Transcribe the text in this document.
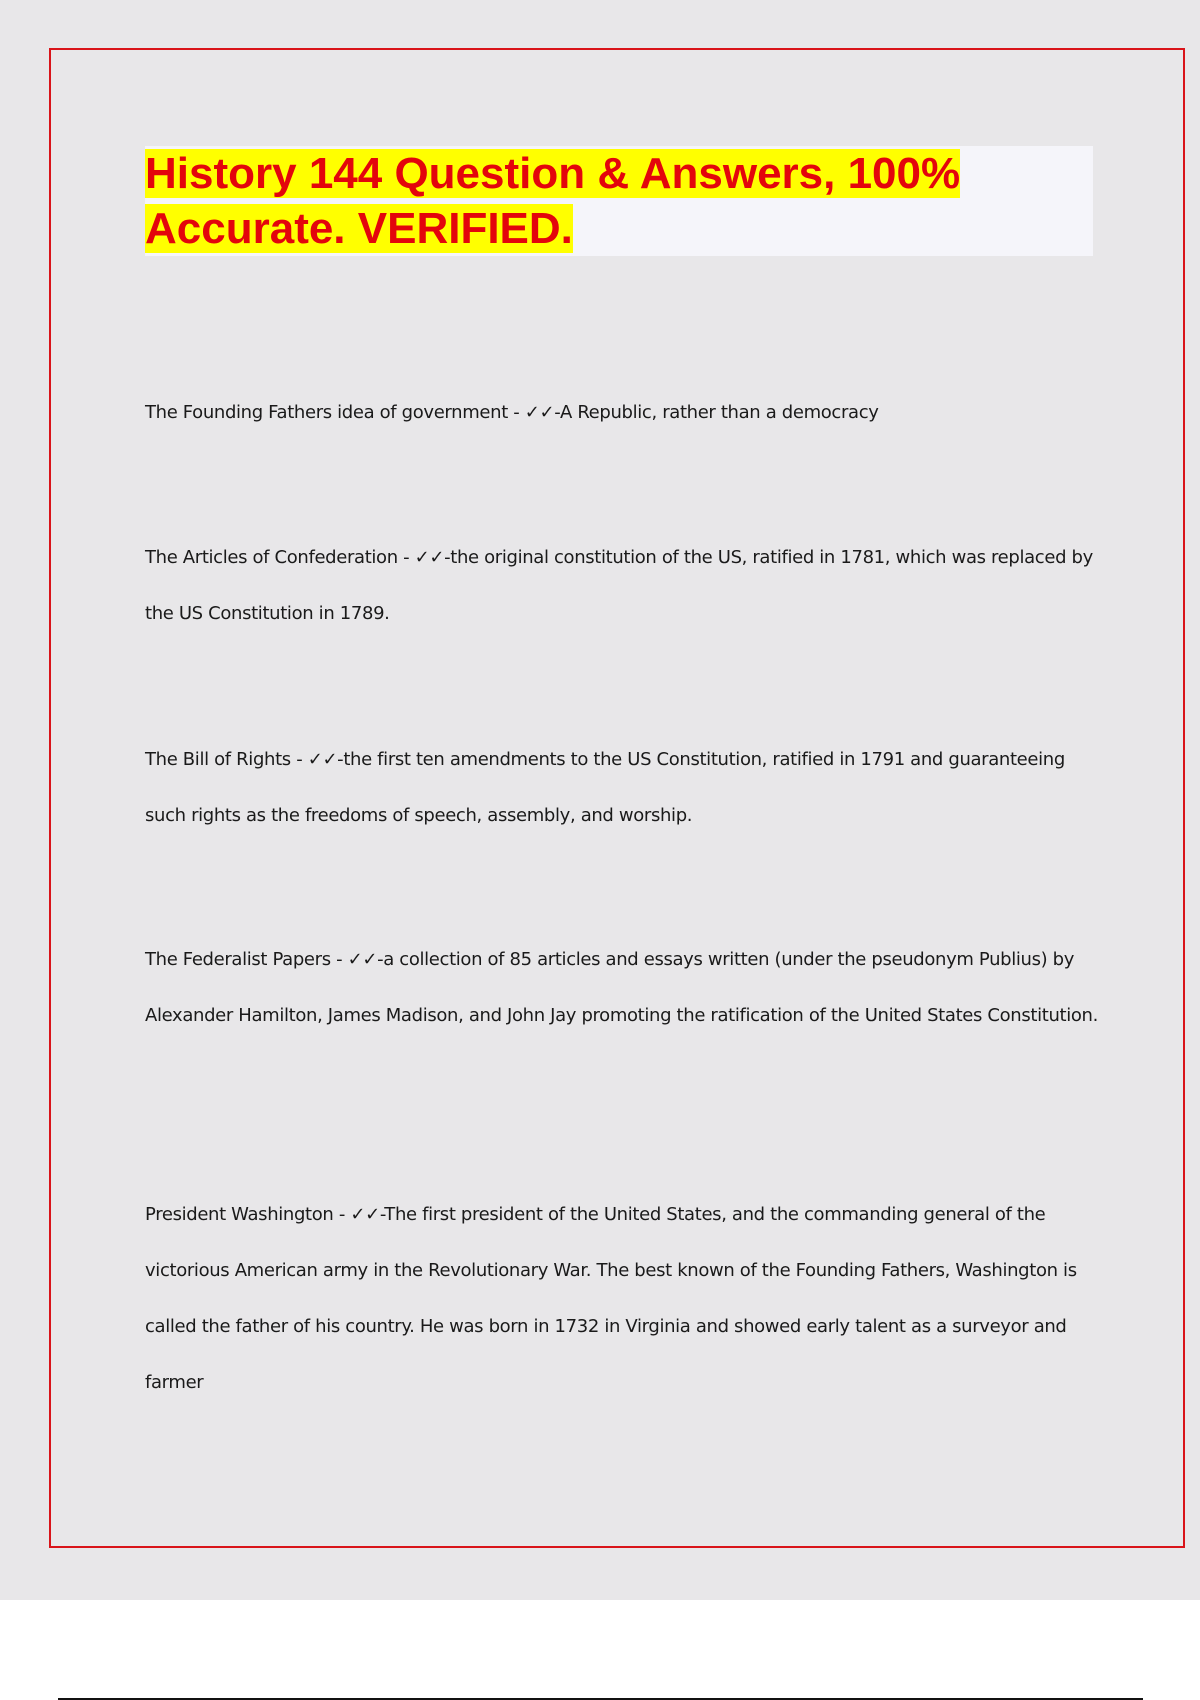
History 144 Question & Answers, 100%
Accurate. VERIFIED.

The Founding Fathers idea of government - ✓✓-A Republic, rather than a democracy

The Articles of Confederation - ✓✓-the original constitution of the US, ratified in 1781, which was replaced by the US Constitution in 1789.

The Bill of Rights - ✓✓-the first ten amendments to the US Constitution, ratified in 1791 and guaranteeing such rights as the freedoms of speech, assembly, and worship.

The Federalist Papers - ✓✓-a collection of 85 articles and essays written (under the pseudonym Publius) by Alexander Hamilton, James Madison, and John Jay promoting the ratification of the United States Constitution.

President Washington - ✓✓-The first president of the United States, and the commanding general of the victorious American army in the Revolutionary War. The best known of the Founding Fathers, Washington is called the father of his country. He was born in 1732 in Virginia and showed early talent as a surveyor and farmer
